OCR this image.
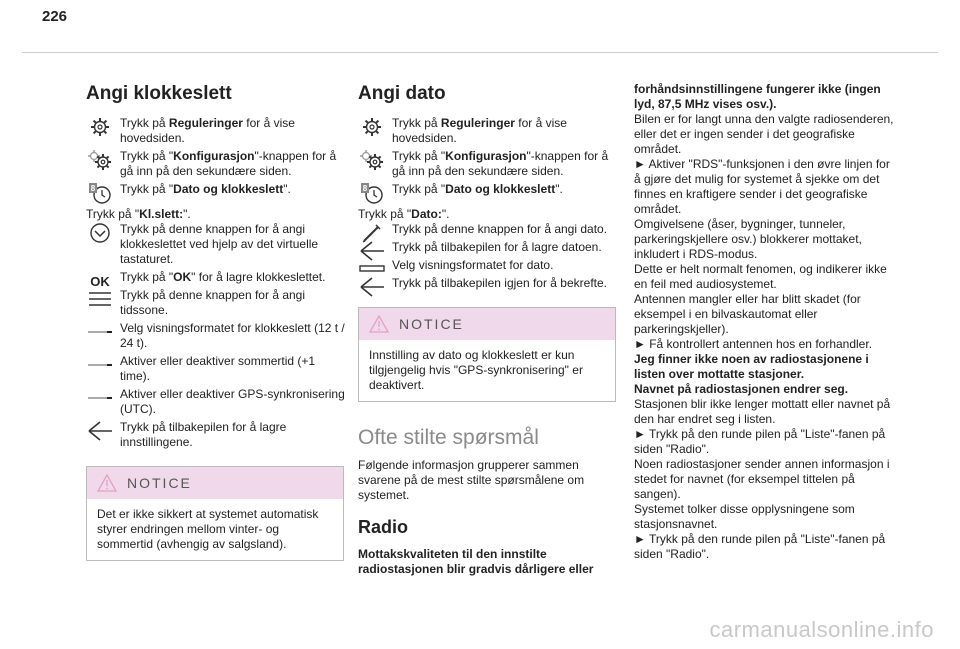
226
Angi klokkeslett
Trykk på Reguleringer for å vise hovedsiden.
Trykk på "Konfigurasjon"-knappen for å gå inn på den sekundære siden.
8 Trykk på "Dato og klokkeslett".

Trykk på "Kl.slett:".

Trykk på denne knappen for å angi klokkeslettet ved hjelp av det virtuelle tastaturet.
OK Trykk på "OK" for å lagre klokkeslettet.
Trykk på denne knappen for å angi tidssone.
Velg visningsformatet for klokkeslett (12 t / 24 t).
Aktiver eller deaktiver sommertid (+1 time).
Aktiver eller deaktiver GPS-synkronisering (UTC).
Trykk på tilbakepilen for å lagre innstillingene.
NOTICE
Det er ikke sikkert at systemet automatisk styrer endringen mellom vinter- og sommertid (avhengig av salgsland).
Angi dato
Trykk på Reguleringer for å vise hovedsiden.
Trykk på "Konfigurasjon"-knappen for å gå inn på den sekundære siden.
8 Trykk på "Dato og klokkeslett".

Trykk på "Dato:".

Trykk på denne knappen for å angi dato.
Trykk på tilbakepilen for å lagre datoen.
Velg visningsformatet for dato.
Trykk på tilbakepilen igjen for å bekrefte.
NOTICE
Innstilling av dato og klokkeslett er kun tilgjengelig hvis "GPS-synkronisering" er deaktivert.
Ofte stilte spørsmål

Følgende informasjon grupperer sammen svarene på de mest stilte spørsmålene om systemet.

Radio

Mottakskvaliteten til den innstilte radiostasjonen blir gradvis dårligere eller

forhåndsinnstillingene fungerer ikke (ingen lyd, 87,5 MHz vises osv.).

Bilen er for langt unna den valgte radiosenderen, eller det er ingen sender i det geografiske området.

► Aktiver "RDS"-funksjonen i den øvre linjen for å gjøre det mulig for systemet å sjekke om det finnes en kraftigere sender i det geografiske området.

Omgivelsene (åser, bygninger, tunneler, parkeringskjellere osv.) blokkerer mottaket, inkludert i RDS-modus.

Dette er helt normalt fenomen, og indikerer ikke en feil med audiosystemet.

Antennen mangler eller har blitt skadet (for eksempel i en bilvaskautomat eller parkeringskjeller).

► Få kontrollert antennen hos en forhandler.

Jeg finner ikke noen av radiostasjonene i listen over mottatte stasjoner.

Navnet på radiostasjonen endrer seg.

Stasjonen blir ikke lenger mottatt eller navnet på den har endret seg i listen.

► Trykk på den runde pilen på "Liste"-fanen på siden "Radio".

Noen radiostasjoner sender annen informasjon i stedet for navnet (for eksempel tittelen på sangen).

Systemet tolker disse opplysningene som stasjonsnavnet.

► Trykk på den runde pilen på "Liste"-fanen på siden "Radio".

carmanualsonline.info
